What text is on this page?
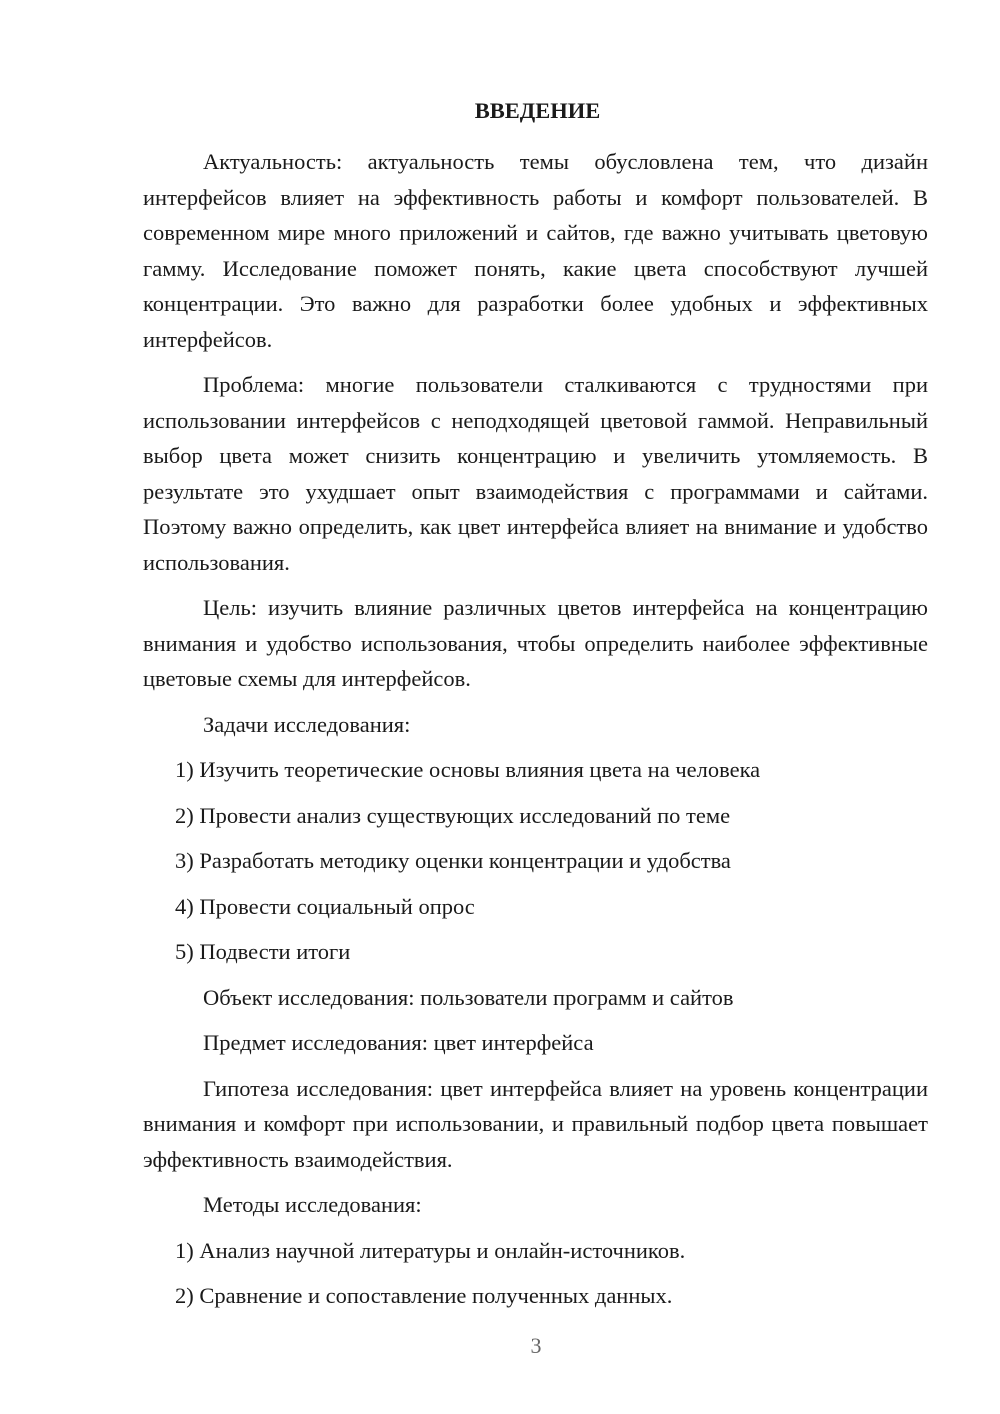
ВВЕДЕНИЕ

Актуальность: актуальность темы обусловлена тем, что дизайн интерфейсов влияет на эффективность работы и комфорт пользователей. В современном мире много приложений и сайтов, где важно учитывать цветовую гамму. Исследование поможет понять, какие цвета способствуют лучшей концентрации. Это важно для разработки более удобных и эффективных интерфейсов.

Проблема: многие пользователи сталкиваются с трудностями при использовании интерфейсов с неподходящей цветовой гаммой. Неправильный выбор цвета может снизить концентрацию и увеличить утомляемость. В результате это ухудшает опыт взаимодействия с программами и сайтами. Поэтому важно определить, как цвет интерфейса влияет на внимание и удобство использования.

Цель: изучить влияние различных цветов интерфейса на концентрацию внимания и удобство использования, чтобы определить наиболее эффективные цветовые схемы для интерфейсов.

Задачи исследования:
1) Изучить теоретические основы влияния цвета на человека
2) Провести анализ существующих исследований по теме
3) Разработать методику оценки концентрации и удобства
4) Провести социальный опрос
5) Подвести итоги
Объект исследования: пользователи программ и сайтов
Предмет исследования: цвет интерфейса

Гипотеза исследования: цвет интерфейса влияет на уровень концентрации внимания и комфорт при использовании, и правильный подбор цвета повышает эффективность взаимодействия.

Методы исследования:
1) Анализ научной литературы и онлайн-источников.
2) Сравнение и сопоставление полученных данных.
3
